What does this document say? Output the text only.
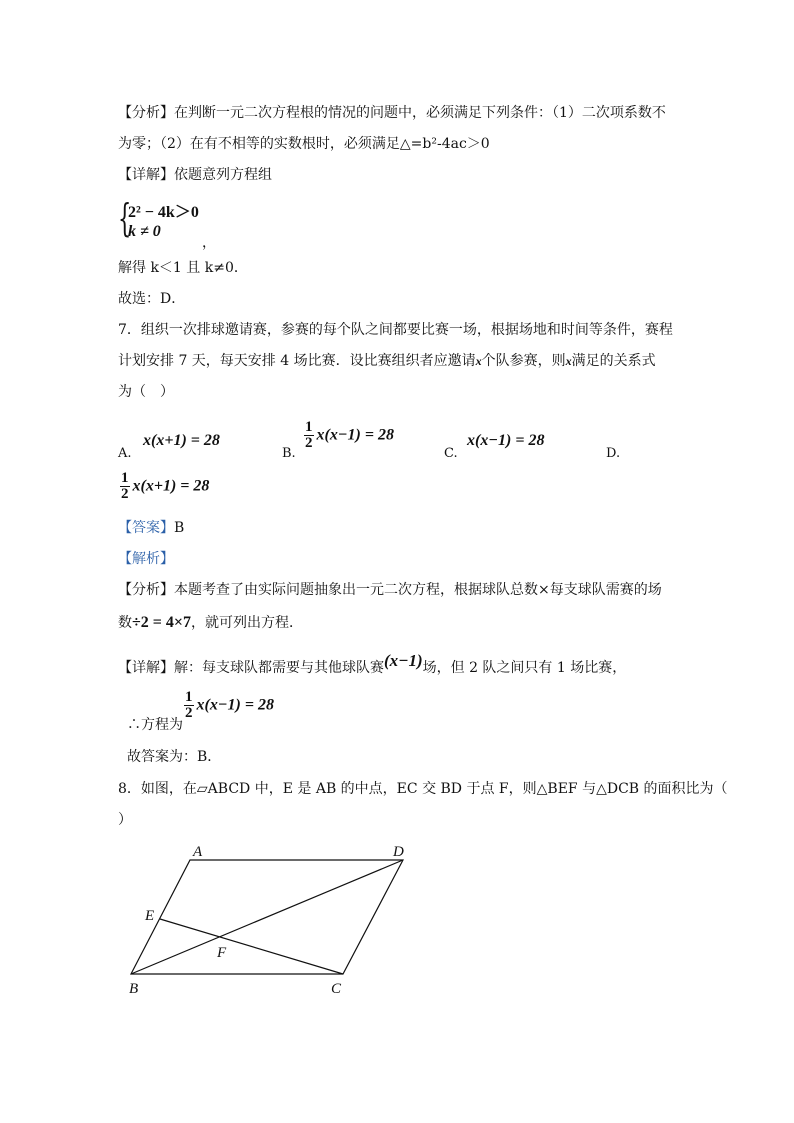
【分析】在判断一元二次方程根的情况的问题中，必须满足下列条件：（1）二次项系数不
为零；（2）在有不相等的实数根时，必须满足△=b²-4ac＞0
【详解】依题意列方程组
{
2² − 4k＞0
k ≠ 0
，
解得 k＜1 且 k≠0．
故选：D．
7．组织一次排球邀请赛，参赛的每个队之间都要比赛一场，根据场地和时间等条件，赛程
计划安排 7 天，每天安排 4 场比赛．设比赛组织者应邀请x个队参赛，则x满足的关系式
为（　）
A.
x(x+1) = 28
B.
$\frac{1}{2} x(x-1) = 28$
C.
x(x−1) = 28
D.
$\frac{1}{2} x(x+1) = 28$
【答案】B
【解析】
【分析】本题考查了由实际问题抽象出一元二次方程，根据球队总数×每支球队需赛的场
数÷2 = 4×7，就可列出方程．
【详解】解：每支球队都需要与其他球队赛(x−1)场，但 2 队之间只有 1 场比赛，
∴方程为
$\frac{1}{2} x(x-1) = 28$
故答案为：B．
8．如图，在▱ABCD 中，E 是 AB 的中点，EC 交 BD 于点 F，则△BEF 与△DCB 的面积比为（
）
A	D
E
F
B	C
